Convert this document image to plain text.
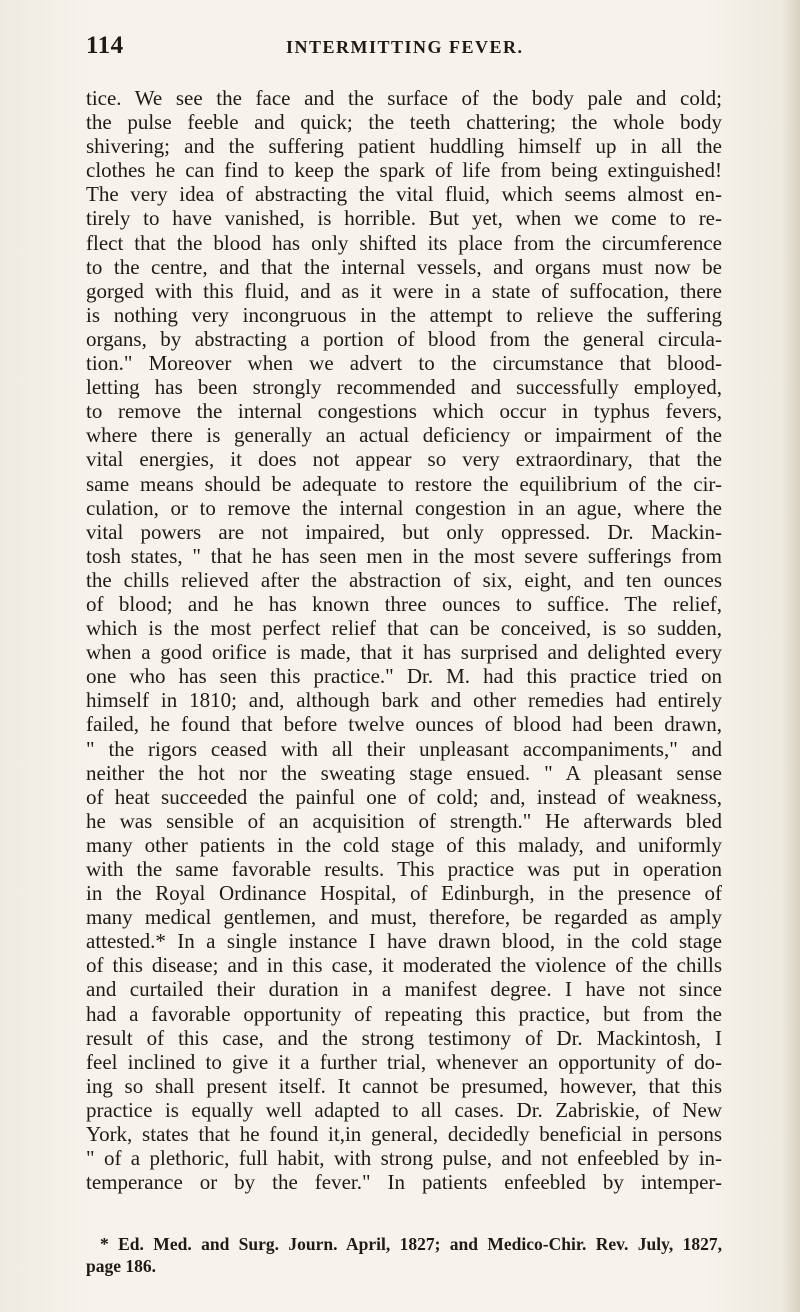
114	INTERMITTING FEVER.
tice. We see the face and the surface of the body pale and cold;
the pulse feeble and quick; the teeth chattering; the whole body
shivering; and the suffering patient huddling himself up in all the
clothes he can find to keep the spark of life from being extinguished!
The very idea of abstracting the vital fluid, which seems almost en-
tirely to have vanished, is horrible. But yet, when we come to re-
flect that the blood has only shifted its place from the circumference
to the centre, and that the internal vessels, and organs must now be
gorged with this fluid, and as it were in a state of suffocation, there
is nothing very incongruous in the attempt to relieve the suffering
organs, by abstracting a portion of blood from the general circula-
tion." Moreover when we advert to the circumstance that blood-
letting has been strongly recommended and successfully employed,
to remove the internal congestions which occur in typhus fevers,
where there is generally an actual deficiency or impairment of the
vital energies, it does not appear so very extraordinary, that the
same means should be adequate to restore the equilibrium of the cir-
culation, or to remove the internal congestion in an ague, where the
vital powers are not impaired, but only oppressed. Dr. Mackin-
tosh states, " that he has seen men in the most severe sufferings from
the chills relieved after the abstraction of six, eight, and ten ounces
of blood; and he has known three ounces to suffice. The relief,
which is the most perfect relief that can be conceived, is so sudden,
when a good orifice is made, that it has surprised and delighted every
one who has seen this practice." Dr. M. had this practice tried on
himself in 1810; and, although bark and other remedies had entirely
failed, he found that before twelve ounces of blood had been drawn,
" the rigors ceased with all their unpleasant accompaniments," and
neither the hot nor the sweating stage ensued. " A pleasant sense
of heat succeeded the painful one of cold; and, instead of weakness,
he was sensible of an acquisition of strength." He afterwards bled
many other patients in the cold stage of this malady, and uniformly
with the same favorable results. This practice was put in operation
in the Royal Ordinance Hospital, of Edinburgh, in the presence of
many medical gentlemen, and must, therefore, be regarded as amply
attested.* In a single instance I have drawn blood, in the cold stage
of this disease; and in this case, it moderated the violence of the chills
and curtailed their duration in a manifest degree. I have not since
had a favorable opportunity of repeating this practice, but from the
result of this case, and the strong testimony of Dr. Mackintosh, I
feel inclined to give it a further trial, whenever an opportunity of do-
ing so shall present itself. It cannot be presumed, however, that this
practice is equally well adapted to all cases. Dr. Zabriskie, of New
York, states that he found it,in general, decidedly beneficial in persons
" of a plethoric, full habit, with strong pulse, and not enfeebled by in-
temperance or by the fever." In patients enfeebled by intemper-
* Ed. Med. and Surg. Journ. April, 1827; and Medico-Chir. Rev. July, 1827,
page 186.
